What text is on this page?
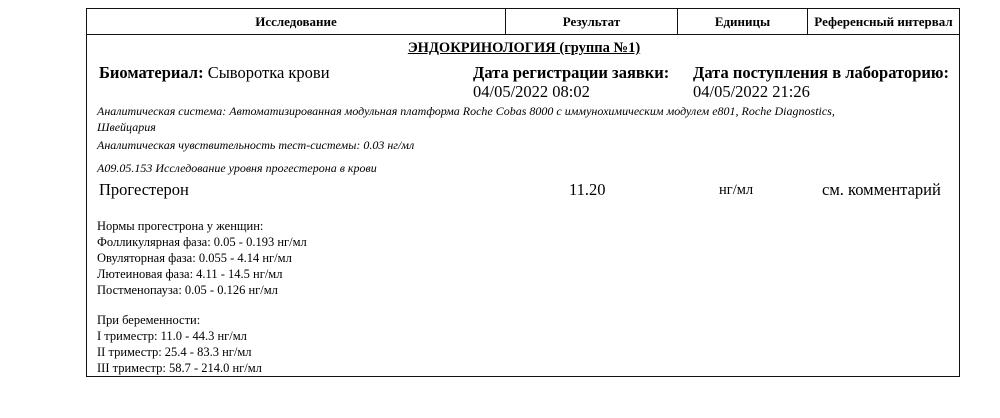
Исследование	Результат	Единицы	Референсный интервал
ЭНДОКРИНОЛОГИЯ (группа №1)
Биоматериал: Сыворотка крови	Дата регистрации заявки:
04/05/2022 08:02
Дата поступления в лабораторию:
04/05/2022 21:26
Аналитическая система: Автоматизированная модульная платформа Roche Cobas 8000 с иммунохимическим модулем e801, Roche Diagnostics,
Швейцария
Аналитическая чувствительность тест-системы: 0.03 нг/мл
A09.05.153 Исследование уровня прогестерона в крови
Прогестерон	11.20	нг/мл	см. комментарий
Нормы прогестрона у женщин:
Фолликулярная фаза: 0.05 - 0.193 нг/мл
Овуляторная фаза: 0.055 - 4.14 нг/мл
Лютеиновая фаза: 4.11 - 14.5 нг/мл
Постменопауза: 0.05 - 0.126 нг/мл
При беременности:
I триместр: 11.0 - 44.3 нг/мл
II триместр: 25.4 - 83.3 нг/мл
III триместр: 58.7 - 214.0 нг/мл
